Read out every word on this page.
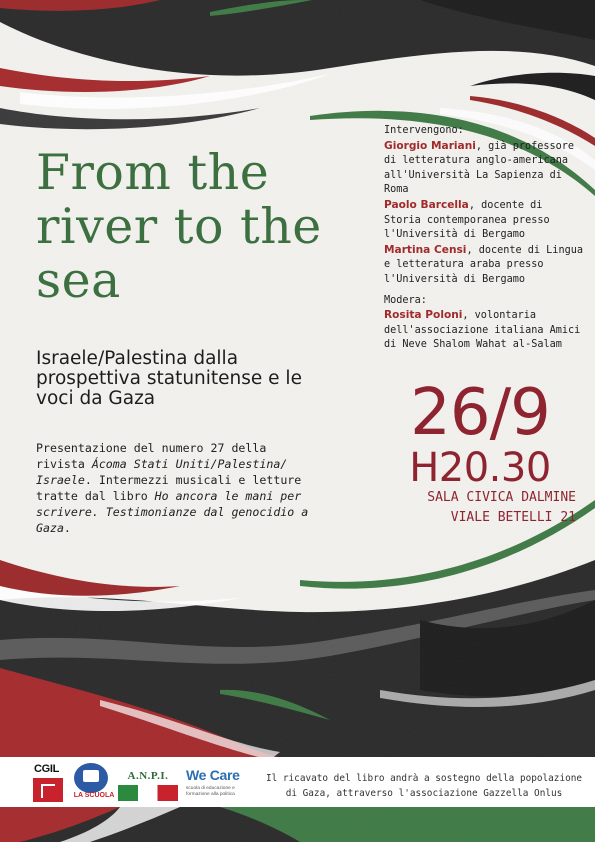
From the river to the sea

Israele/Palestina dalla prospettiva statunitense e le voci da Gaza

Presentazione del numero 27 della rivista Ácoma Stati Uniti/Palestina/ Israele. Intermezzi musicali e letture tratte dal libro Ho ancora le mani per scrivere. Testimonianze dal genocidio a Gaza.

Intervengono:
Giorgio Mariani, già professore di letteratura anglo-americana all'Università La Sapienza di Roma
Paolo Barcella, docente di Storia contemporanea presso l'Università di Bergamo
Martina Censi, docente di Lingua e letteratura araba presso l'Università di Bergamo
Modera:
Rosita Poloni, volontaria dell'associazione italiana Amici di Neve Shalom Wahat al-Salam
26/9
H20.30
SALA CIVICA DALMINE
VIALE BETELLI 21
CGIL
LA SCUOLA
A.N.P.I.	We Care
scuola di educazione e formazione alla politica

Il ricavato del libro andrà a sostegno della popolazione di Gaza, attraverso l'associazione Gazzella Onlus
